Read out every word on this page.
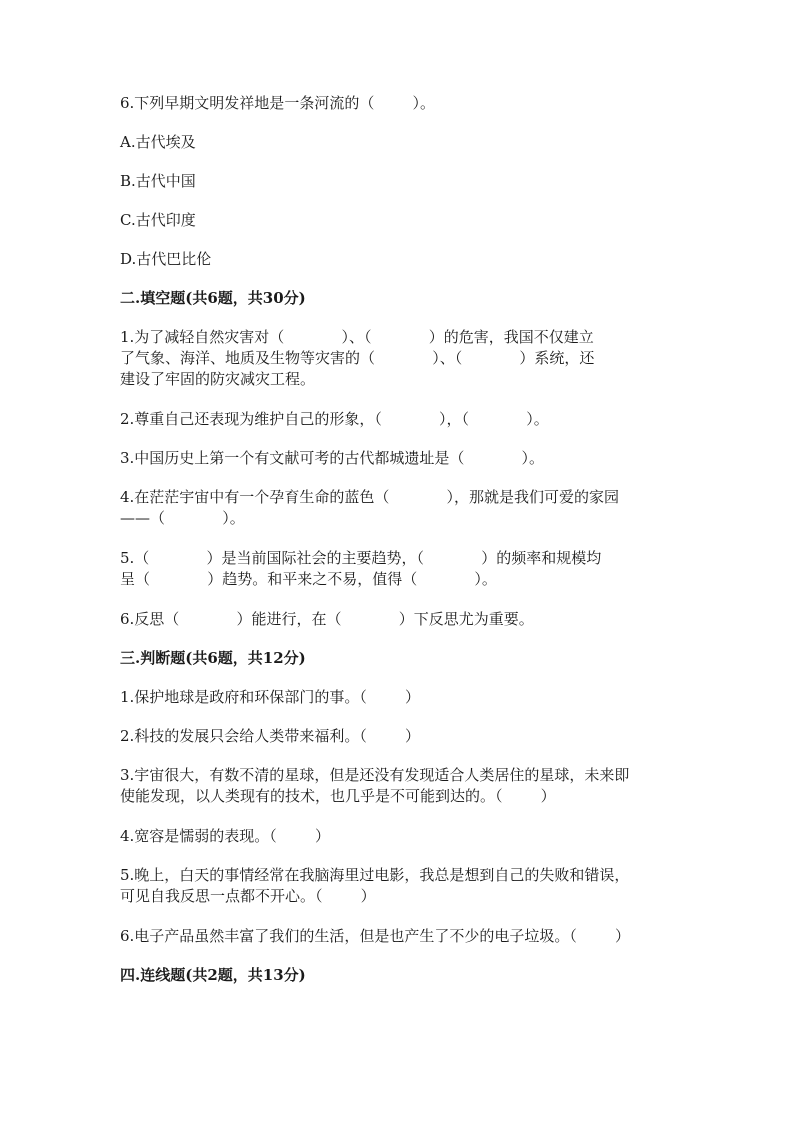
6.下列早期文明发祥地是一条河流的（        ）。

A.古代埃及

B.古代中国

C.古代印度

D.古代巴比伦

二.填空题(共6题，共30分)

1.为了减轻自然灾害对（            ）、（            ）的危害，我国不仅建立

了气象、海洋、地质及生物等灾害的（            ）、（            ）系统，还

建设了牢固的防灾减灾工程。

2.尊重自己还表现为维护自己的形象，（            ），（            ）。

3.中国历史上第一个有文献可考的古代都城遗址是（            ）。

4.在茫茫宇宙中有一个孕育生命的蓝色（            ），那就是我们可爱的家园

——（            ）。

5.（            ）是当前国际社会的主要趋势，（            ）的频率和规模均

呈（            ）趋势。和平来之不易，值得（            ）。

6.反思（            ）能进行，在（            ）下反思尤为重要。

三.判断题(共6题，共12分)

1.保护地球是政府和环保部门的事。（        ）

2.科技的发展只会给人类带来福利。（        ）

3.宇宙很大，有数不清的星球，但是还没有发现适合人类居住的星球，未来即

使能发现，以人类现有的技术，也几乎是不可能到达的。（        ）

4.宽容是懦弱的表现。（        ）

5.晚上，白天的事情经常在我脑海里过电影，我总是想到自己的失败和错误，

可见自我反思一点都不开心。（        ）

6.电子产品虽然丰富了我们的生活，但是也产生了不少的电子垃圾。（        ）

四.连线题(共2题，共13分)
